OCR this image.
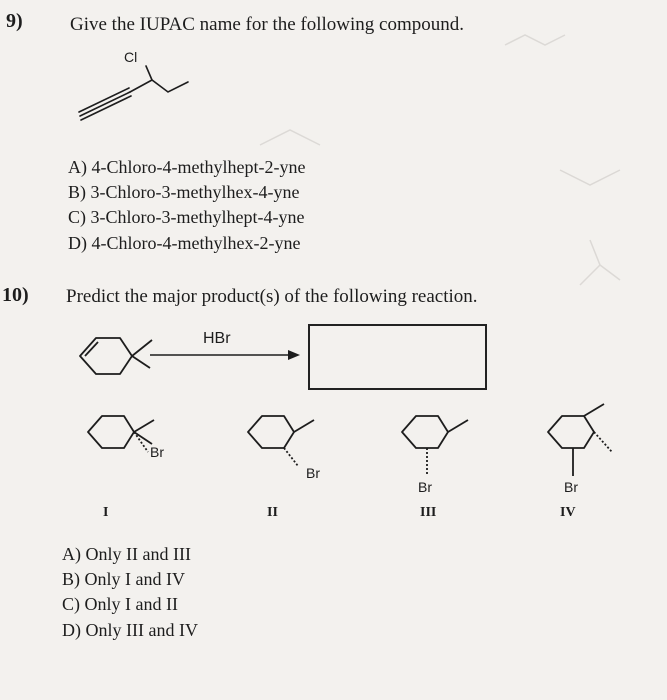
9) Give the IUPAC name for the following compound.
Cl
A) 4-Chloro-4-methylhept-2-yne
B) 3-Chloro-3-methylhex-4-yne
C) 3-Chloro-3-methylhept-4-yne
D) 4-Chloro-4-methylhex-2-yne
10) Predict the major product(s) of the following reaction.
HBr
Br
Br
Br	Br
I	II	III	IV
A) Only II and III
B) Only I and IV
C) Only I and II
D) Only III and IV
